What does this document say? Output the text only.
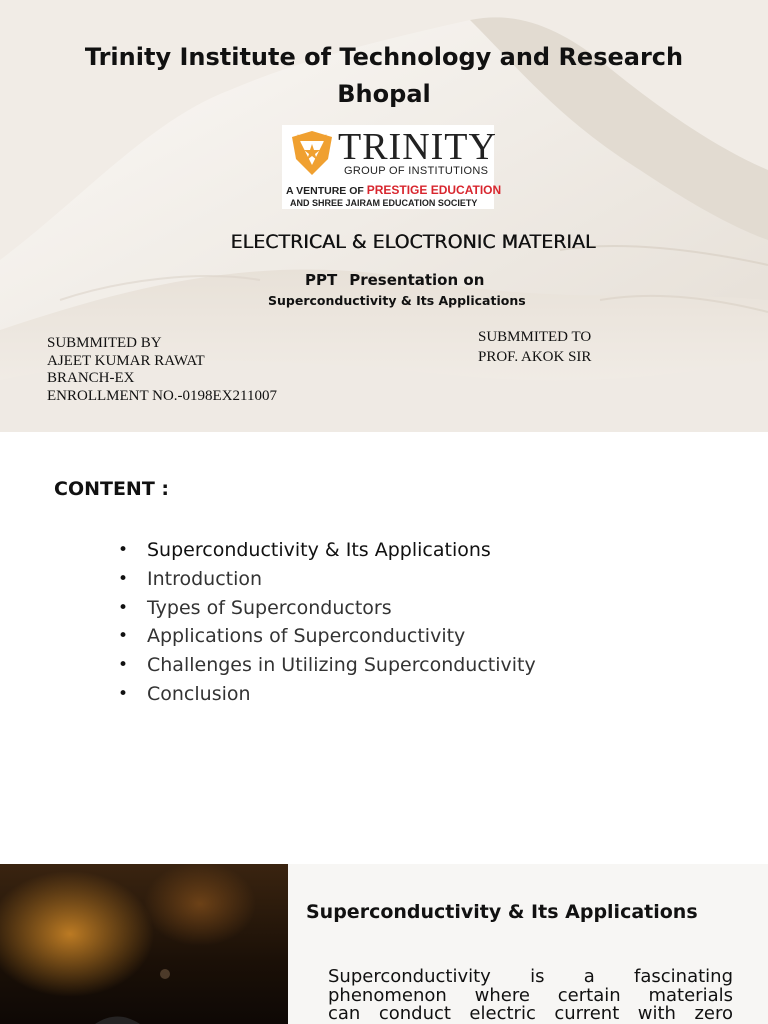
Trinity Institute of Technology and Research
Bhopal
TRINITY
GROUP OF INSTITUTIONS
A VENTURE OF PRESTIGE EDUCATION
AND SHREE JAIRAM EDUCATION SOCIETY
ELECTRICAL & ELOCTRONIC MATERIAL
PPT Presentation on
Superconductivity & Its Applications
SUBMMITED BY
AJEET KUMAR RAWAT
BRANCH-EX
ENROLLMENT NO.-0198EX211007
SUBMMITED TO
PROF. AKOK SIR
CONTENT :
• Superconductivity & Its Applications
• Introduction
• Types of Superconductors
• Applications of Superconductivity
• Challenges in Utilizing Superconductivity
• Conclusion
Superconductivity & Its Applications
Superconductivity is a fascinating
phenomenon where certain materials
can conduct electric current with zero
